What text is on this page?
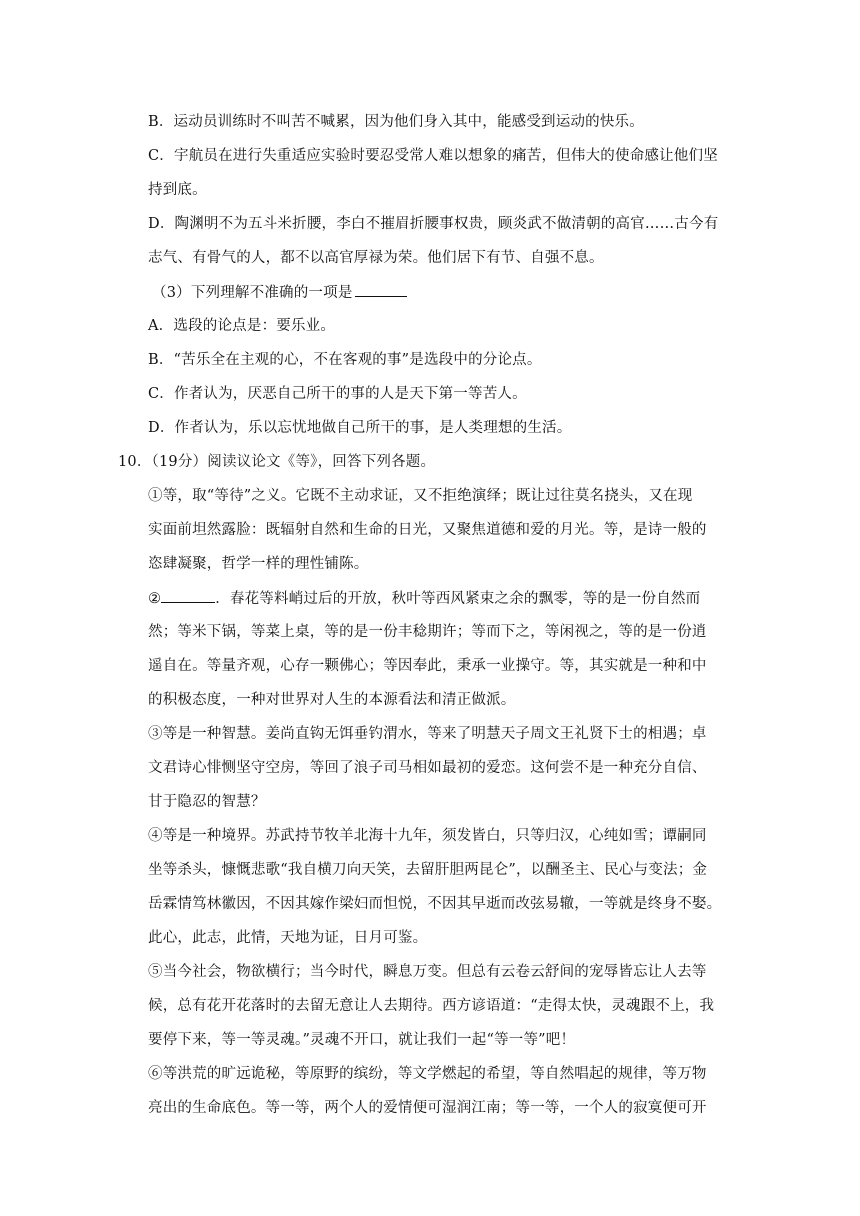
B．运动员训练时不叫苦不喊累，因为他们身入其中，能感受到运动的快乐。
C．宇航员在进行失重适应实验时要忍受常人难以想象的痛苦，但伟大的使命感让他们坚
持到底。
D．陶渊明不为五斗米折腰，李白不摧眉折腰事权贵，顾炎武不做清朝的高官……古今有
志气、有骨气的人，都不以高官厚禄为荣。他们居下有节、自强不息。
（3）下列理解不准确的一项是
A．选段的论点是：要乐业。
B．“苦乐全在主观的心，不在客观的事”是选段中的分论点。
C．作者认为，厌恶自己所干的事的人是天下第一等苦人。
D．作者认为，乐以忘忧地做自己所干的事，是人类理想的生活。
10．（19分）阅读议论文《等》，回答下列各题。
①等，取“等待”之义。它既不主动求证，又不拒绝演绎；既让过往莫名挠头，又在现
实面前坦然露脸：既辐射自然和生命的日光，又聚焦道德和爱的月光。等，是诗一般的
恣肆凝聚，哲学一样的理性铺陈。
②	．春花等料峭过后的开放，秋叶等西风紧束之余的飘零，等的是一份自然而
然；等米下锅，等菜上桌，等的是一份丰稔期许；等而下之，等闲视之，等的是一份逍
遥自在。等量齐观，心存一颗佛心；等因奉此，秉承一业操守。等，其实就是一种和中
的积极态度，一种对世界对人生的本源看法和清正做派。
③等是一种智慧。姜尚直钩无饵垂钓渭水，等来了明慧天子周文王礼贤下士的相遇；卓
文君诗心悱恻坚守空房，等回了浪子司马相如最初的爱恋。这何尝不是一种充分自信、
甘于隐忍的智慧？
④等是一种境界。苏武持节牧羊北海十九年，须发皆白，只等归汉，心纯如雪；谭嗣同
坐等杀头，慷慨悲歌“我自横刀向天笑，去留肝胆两昆仑”，以酬圣主、民心与变法；金
岳霖情笃林徽因，不因其嫁作梁妇而怛悦，不因其早逝而改弦易辙，一等就是终身不娶。
此心，此志，此情，天地为证，日月可鉴。
⑤当今社会，物欲横行；当今时代，瞬息万变。但总有云卷云舒间的宠辱皆忘让人去等
候，总有花开花落时的去留无意让人去期待。西方谚语道：“走得太快，灵魂跟不上，我
要停下来，等一等灵魂。”灵魂不开口，就让我们一起“等一等”吧！
⑥等洪荒的旷远诡秘，等原野的缤纷，等文学燃起的希望，等自然唱起的规律，等万物
亮出的生命底色。等一等，两个人的爱情便可湿润江南；等一等，一个人的寂寞便可开
